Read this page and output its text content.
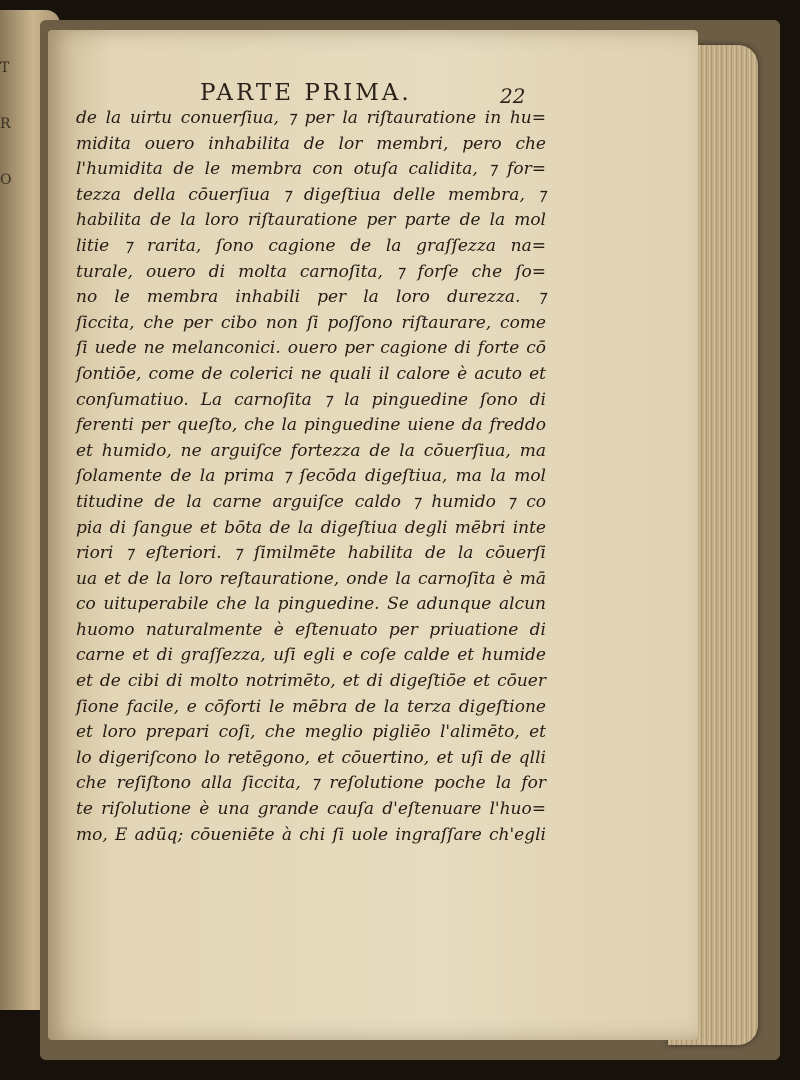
T
R
O
PARTE PRIMA.	22
de la uirtu conuerſiua, ⁊ per la riſtauratione in hu=
midita ouero inhabilita de lor membri, pero che
l'humidita de le membra con otuſa calidita, ⁊ for=
tezza della cōuerſiua ⁊ digeſtiua delle membra, ⁊
habilita de la loro riſtauratione per parte de la mol
litie ⁊ rarita, ſono cagione de la graſſezza na=
turale, ouero di molta carnoſita, ⁊ forſe che ſo=
no le membra inhabili per la loro durezza. ⁊
ſiccita, che per cibo non ſi poſſono riſtaurare, come
ſi uede ne melanconici. ouero per cagione di forte cō
ſontiōe, come de colerici ne quali il calore è acuto et
conſumatiuo. La carnoſita ⁊ la pinguedine ſono di
ferenti per queſto, che la pinguedine uiene da freddo
et humido, ne arguiſce fortezza de la cōuerſiua, ma
ſolamente de la prima ⁊ ſecōda digeſtiua, ma la mol
titudine de la carne arguiſce caldo ⁊ humido ⁊ co
pia di ſangue et bōta de la digeſtiua degli mēbri inte
riori ⁊ eſteriori. ⁊ ſimilmēte habilita de la cōuerſi
ua et de la loro reſtauratione, onde la carnoſita è mā
co uituperabile che la pinguedine. Se adunque alcun
huomo naturalmente è eſtenuato per priuatione di
carne et di graſſezza, uſi egli e coſe calde et humide
et de cibi di molto notrimēto, et di digeſtiōe et cōuer
ſione facile, e cōforti le mēbra de la terza digeſtione
et loro prepari coſi, che meglio pigliēo l'alimēto, et
lo digeriſcono lo retēgono, et cōuertino, et uſi de qlli
che reſiſtono alla ſiccita, ⁊ reſolutione poche la for
te riſolutione è una grande cauſa d'eſtenuare l'huo=
mo, E adūq; cōueniēte à chi ſi uole ingraſſare ch'egli
